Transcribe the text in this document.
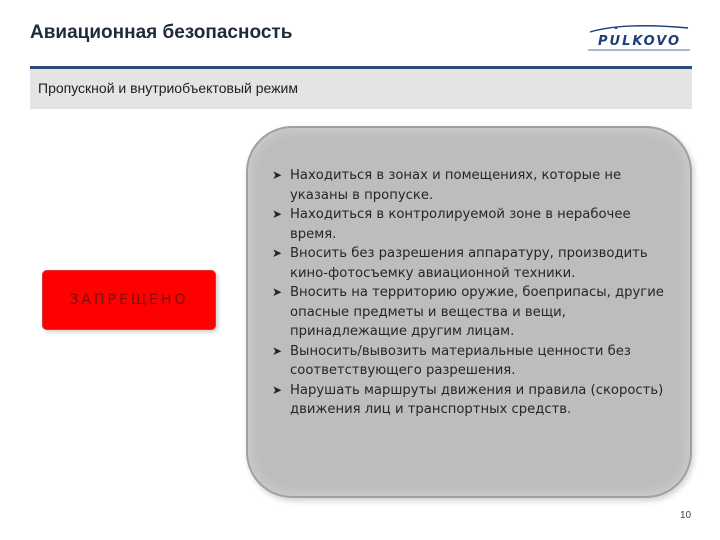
Авиационная безопасность	PULKOVO
Пропускной и внутриобъектовый режим
ЗАПРЕЩЕНО
➤ Находиться в зонах и помещениях, которые не указаны в пропуске.
➤ Находиться в контролируемой зоне в нерабочее время.
➤ Вносить без разрешения аппаратуру, производить кино-фотосъемку авиационной техники.
➤ Вносить на территорию оружие, боеприпасы, другие опасные предметы и вещества и вещи, принадлежащие другим лицам.
➤ Выносить/вывозить материальные ценности без соответствующего разрешения.
➤ Нарушать маршруты движения и правила (скорость) движения лиц и транспортных средств.
10
